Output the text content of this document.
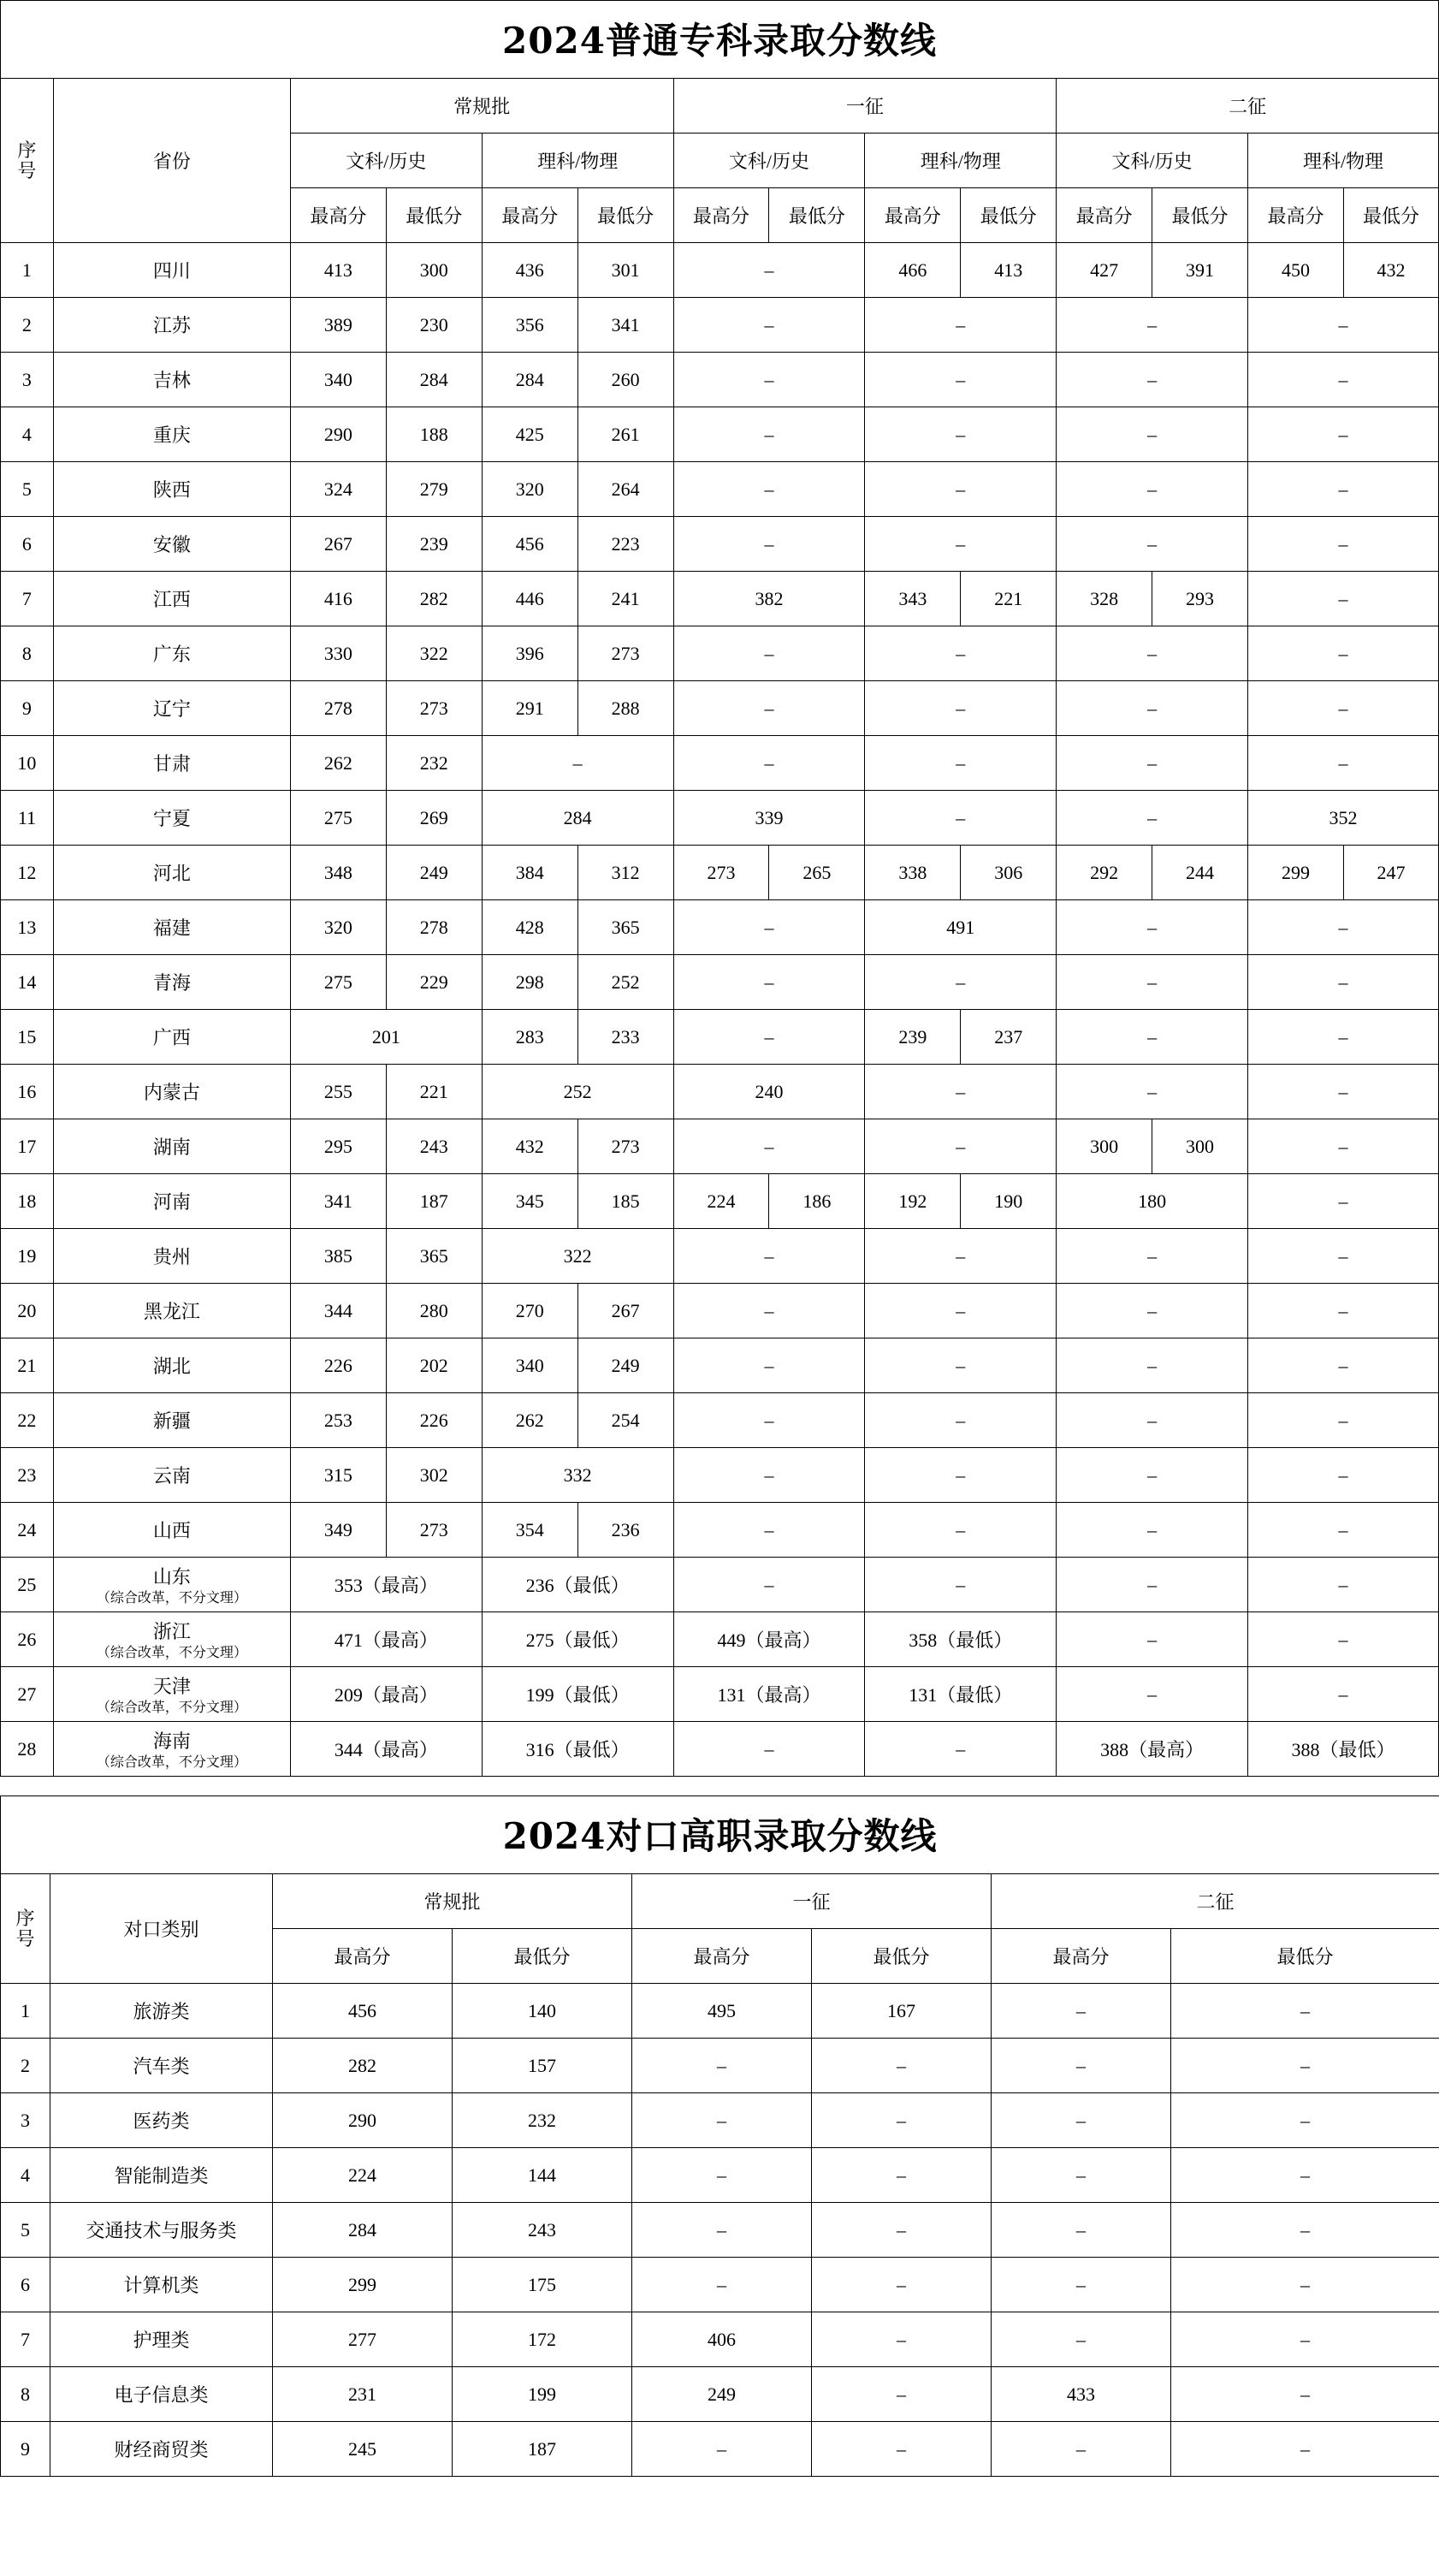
2024普通专科录取分数线

序
号	省份	常规批				一征				二征			
		文科/历史		理科/物理		文科/历史		理科/物理		文科/历史		理科/物理	
		最高分	最低分	最高分	最低分	最高分	最低分	最高分	最低分	最高分	最低分	最高分	最低分
1	四川	413	300	436	301	–		466	413	427	391	450	432
2	江苏	389	230	356	341	–		–		–		–	
3	吉林	340	284	284	260	–		–		–		–	
4	重庆	290	188	425	261	–		–		–		–	
5	陕西	324	279	320	264	–		–		–		–	
6	安徽	267	239	456	223	–		–		–		–	
7	江西	416	282	446	241	382		343	221	328	293	–	
8	广东	330	322	396	273	–		–		–		–	
9	辽宁	278	273	291	288	–		–		–		–	
10	甘肃	262	232	–		–		–		–		–	
11	宁夏	275	269	284		339		–		–		352	
12	河北	348	249	384	312	273	265	338	306	292	244	299	247
13	福建	320	278	428	365	–		491		–		–	
14	青海	275	229	298	252	–		–		–		–	
15	广西	201		283	233	–		239	237	–		–	
16	内蒙古	255	221	252		240		–		–		–	
17	湖南	295	243	432	273	–		–		300	300	–	
18	河南	341	187	345	185	224	186	192	190	180		–	
19	贵州	385	365	322		–		–		–		–	
20	黑龙江	344	280	270	267	–		–		–		–	
21	湖北	226	202	340	249	–		–		–		–	
22	新疆	253	226	262	254	–		–		–		–	
23	云南	315	302	332		–		–		–		–	
24	山西	349	273	354	236	–		–		–		–	
25	山东
（综合改革，不分文理）	353（最高）		236（最低）		–		–		–		–	
26	浙江
（综合改革，不分文理）	471（最高）		275（最低）		449（最高）		358（最低）		–		–	
27	天津
（综合改革，不分文理）	209（最高）		199（最低）		131（最高）		131（最低）		–		–	
28	海南
（综合改革，不分文理）	344（最高）		316（最低）		–		–		388（最高）		388（最低）	
2024对口高职录取分数线

序
号	对口类别	常规批		一征		二征	
		最高分	最低分	最高分	最低分	最高分	最低分
1	旅游类	456	140	495	167	–	–
2	汽车类	282	157	–	–	–	–
3	医药类	290	232	–	–	–	–
4	智能制造类	224	144	–	–	–	–
5	交通技术与服务类	284	243	–	–	–	–
6	计算机类	299	175	–	–	–	–
7	护理类	277	172	406	–	–	–
8	电子信息类	231	199	249	–	433	–
9	财经商贸类	245	187	–	–	–	–
